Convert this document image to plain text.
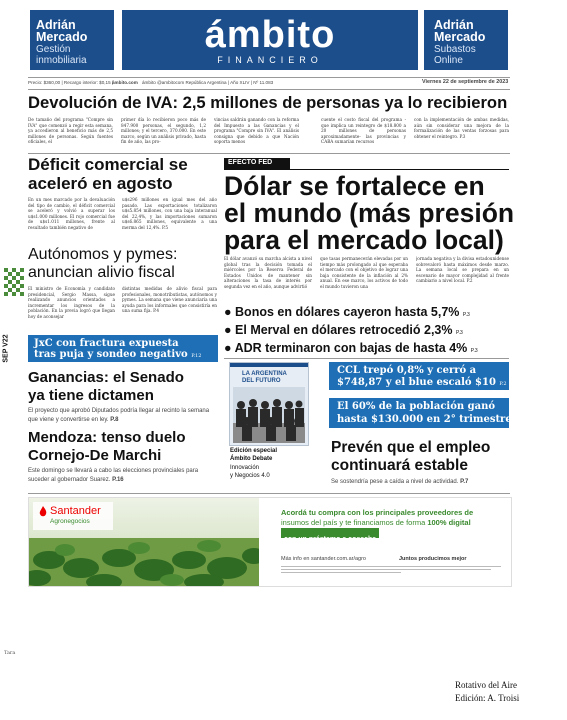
Adrián
Mercado
Gestión
inmobiliaria
ámbito
FINANCIERO
Adrián
Mercado
Subastos
Online
Precio: $360,00 | Recargo interior: $0,15 |
ámbito.com ámbito @ambitocom República Argentina | Año XLIV | Nº 11.083	Viernes 22 de septiembre de 2023
Devolución de IVA: 2,5 millones de personas ya lo recibieron
De tamaño del programa "Compre sin IVA" que comenzó a regir esta semana, ya accedieron al beneficio más de 2,5 millones de personas. Según fuentes oficiales, el
primer día lo recibieron poco más de 847.900 personas, el segundo, 1,2 millones; y el tercero, 370.000. En este marco, según un análisis privado, hasta fin de año, las pro-
vincias saldrán ganando con la reforma del Impuesto a las Ganancias y el programa "Compre sin IVA". El análisis consigna que debido a que Nación soporta menos
cuente el costo fiscal del programa -que implica un reintegro de $18.800 a 20 millones de personas aproximadamente- las provincias y CABA sumarían recursos
con la implementación de ambas medidas, aún sin considerar una mejora de la formalización de las ventas forzosas para obtener el reintegro. P.3
Déficit comercial se
aceleró en agosto
En un mes marcado por la devaluación del tipo de cambio, el déficit comercial se aceleró y volvió a superar los u$s1.000 millones. El rojo comercial fue de u$s1.011 millones, frente al resultado también negativo de
u$s296 millones en igual mes del año pasado. Las exportaciones totalizaron u$s5.854 millones, con una baja interanual del 22,4%, y las importaciones sumaron u$s6.865 millones, equivalente a una merma del 12,4%. P.5
Autónomos y pymes:
anuncian alivio fiscal
El ministro de Economía y candidato presidencial, Sergio Massa, sigue realizando anuncios orientados a incrementar los ingresos de la población. En la previa logró que llegan hoy de aconsejar
distintas medidas de alivio fiscal para profesionales, monotributistas, autónomos y pymes. La semana que viene anunciaría una ayuda para los informales que consistiría en una suma fija. P.4
SEP V22 JxC con fractura expuesta
tras puja y sondeo negativo P.12
Ganancias: el Senado
ya tiene dictamen
El proyecto que aprobó Diputados podría llegar al recinto la semana que viene y convertirse en ley. P.8
Mendoza: tenso duelo
Cornejo-De Marchi
Este domingo se llevará a cabo las elecciones provinciales para suceder al gobernador Suarez. P.16
EFECTO FED
Dólar se fortalece en
el mundo (más presión
para el mercado local)
El dólar avanzó su marcha alcista a nivel global tras la decisión tomada el miércoles por la Reserva Federal de Estados Unidos de mantener sin alteraciones la tasa de interés por segunda vez en el año, aunque advirtió
que tasas permanecerán elevadas por un tiempo más prolongado al que esperaba el mercado con el objetivo de lograr una baja consistente de la inflación al 2% anual. En ese marco, los activos de todo el mundo tuvieron una
jornada negativa y la divisa estadounidense sobrevaloró hasta máximos desde marzo. La semana local se prepara en un escenario de mayor complejidad al frente cambiario a nivel local. P.2
● Bonos en dólares cayeron hasta 5,7% P.3
● El Merval en dólares retrocedió 2,3% P.3
● ADR terminaron con bajas de hasta 4% P.3
LA ARGENTINA DEL FUTURO
Edición especial
Ámbito Debate
Innovación
y Negocios 4.0
CCL trepó 0,8% y cerró a
$748,87 y el blue escaló $10 P.2
El 60% de la población ganó
hasta $130.000 en 2° trimestre
Prevén que el empleo
continuará estable
Se sostendría pese a caída a nivel de actividad. P.7
Santander
Agronegocios
Acordá tu compra con los principales proveedores de
insumos del país y te financiamos de forma 100% digital
con un préstamo a cosecha
Más info en santander.com.ar/agro	Juntos producimos mejor
Tara
Rotativo del Aire
Edición: A. Troisi
